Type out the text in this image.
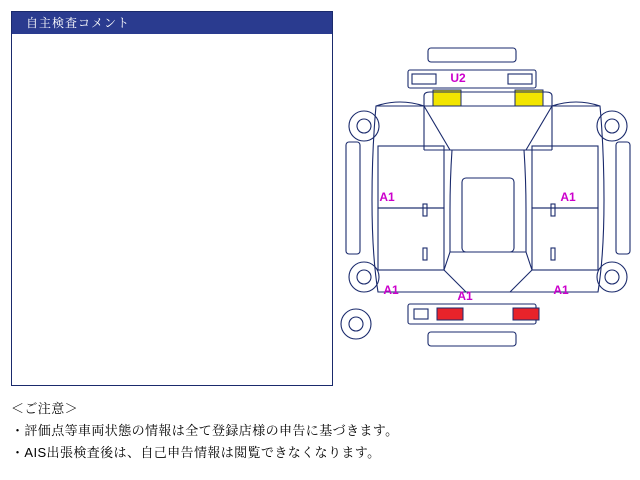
自主検査コメント
U2
A1	A1
A1	A1	A1
＜ご注意＞
・評価点等車両状態の情報は全て登録店様の申告に基づきます。
・AIS出張検査後は、自己申告情報は閲覧できなくなります。
